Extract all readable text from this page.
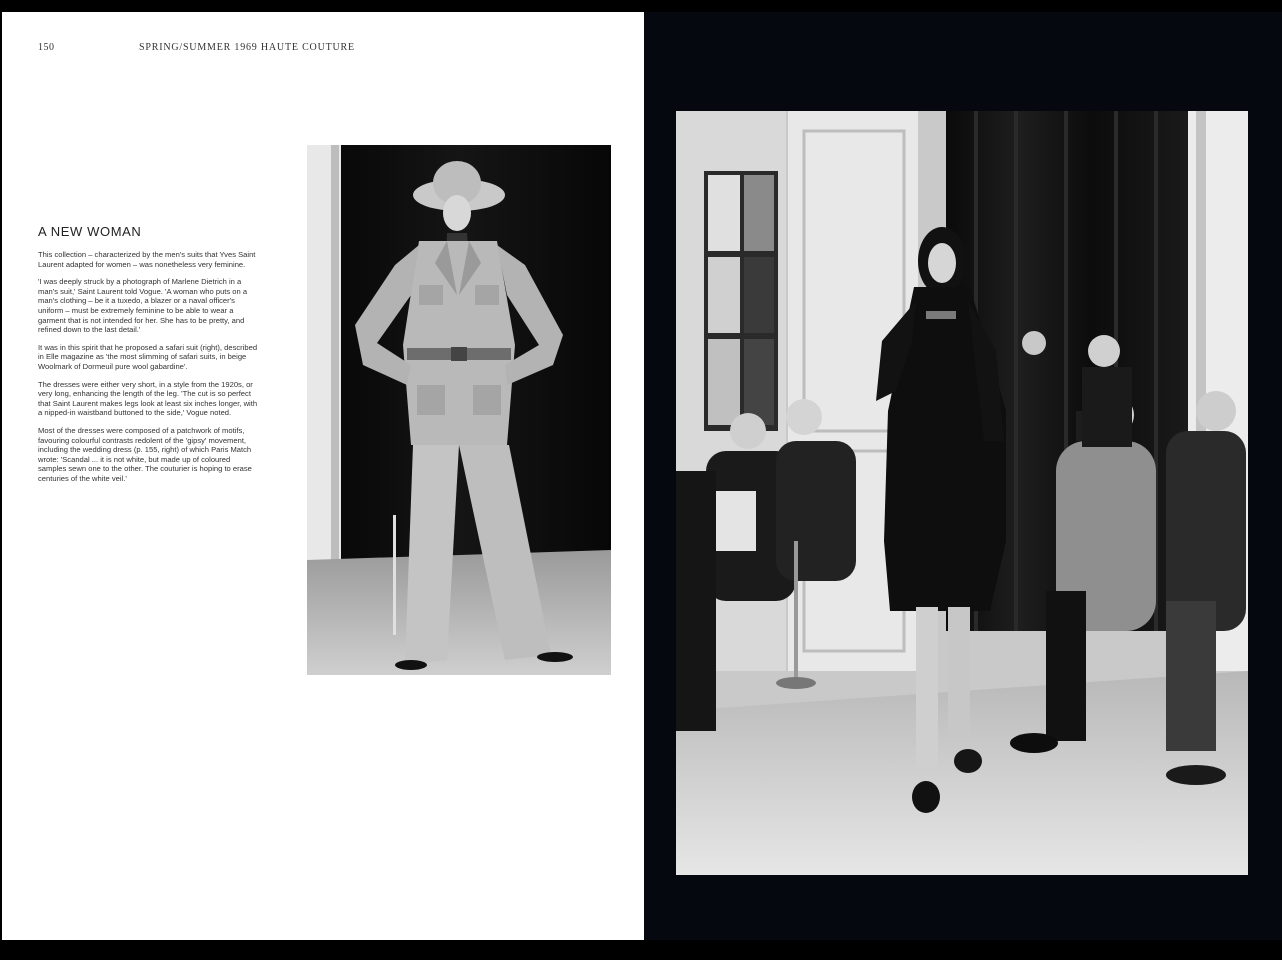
150	SPRING/SUMMER 1969 HAUTE COUTURE
A NEW WOMAN

This collection – characterized by the men's suits that Yves Saint Laurent adapted for women – was nonetheless very feminine.

'I was deeply struck by a photograph of Marlene Dietrich in a man's suit,' Saint Laurent told Vogue. 'A woman who puts on a man's clothing – be it a tuxedo, a blazer or a naval officer's uniform – must be extremely feminine to be able to wear a garment that is not intended for her. She has to be pretty, and refined down to the last detail.'

It was in this spirit that he proposed a safari suit (right), described in Elle magazine as 'the most slimming of safari suits, in beige Woolmark of Dormeuil pure wool gabardine'.

The dresses were either very short, in a style from the 1920s, or very long, enhancing the length of the leg. 'The cut is so perfect that Saint Laurent makes legs look at least six inches longer, with a nipped-in waistband buttoned to the side,' Vogue noted.

Most of the dresses were composed of a patchwork of motifs, favouring colourful contrasts redolent of the 'gipsy' movement, including the wedding dress (p. 155, right) of which Paris Match wrote: 'Scandal ... it is not white, but made up of coloured samples sewn one to the other. The couturier is hoping to erase centuries of the white veil.'
